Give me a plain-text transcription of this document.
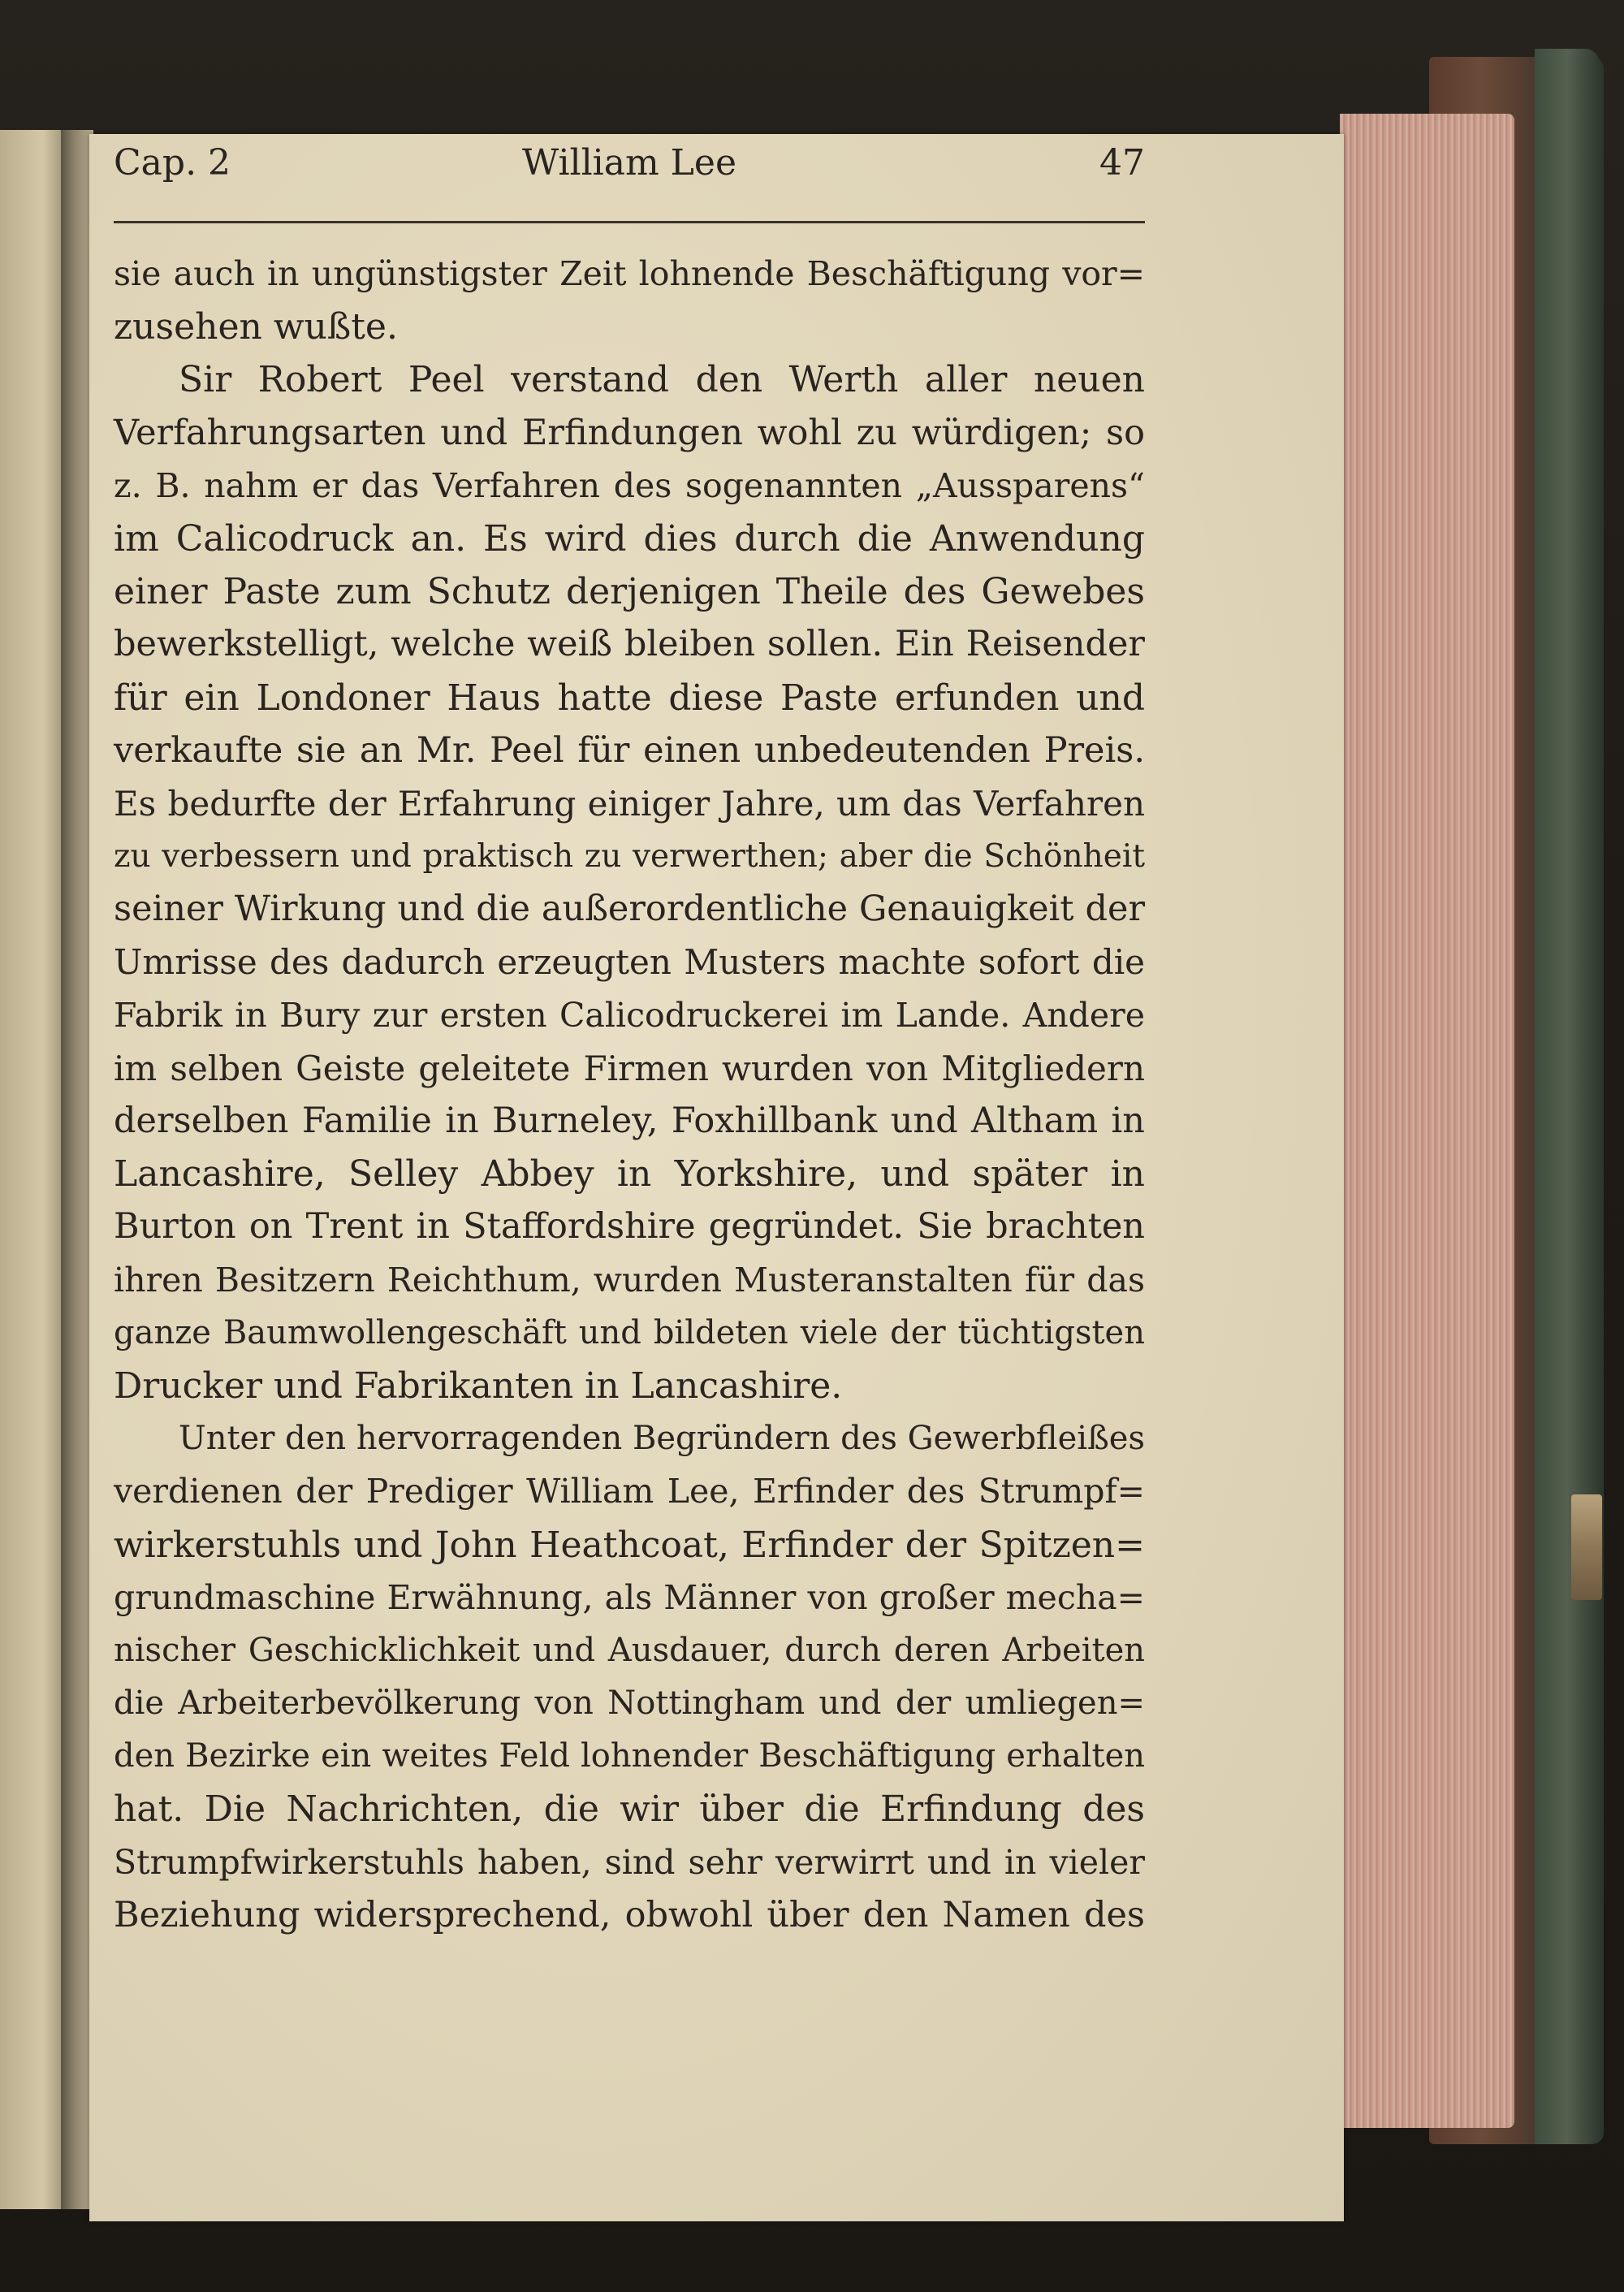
Cap. 2	William Lee	47
sie auch in ungünstigster Zeit lohnende Beschäftigung vor=
zusehen wußte.
Sir Robert Peel verstand den Werth aller neuen
Verfahrungsarten und Erfindungen wohl zu würdigen; so
z. B. nahm er das Verfahren des sogenannten „Aussparens“
im Calicodruck an. Es wird dies durch die Anwendung
einer Paste zum Schutz derjenigen Theile des Gewebes
bewerkstelligt, welche weiß bleiben sollen. Ein Reisender
für ein Londoner Haus hatte diese Paste erfunden und
verkaufte sie an Mr. Peel für einen unbedeutenden Preis.
Es bedurfte der Erfahrung einiger Jahre, um das Verfahren
zu verbessern und praktisch zu verwerthen; aber die Schönheit
seiner Wirkung und die außerordentliche Genauigkeit der
Umrisse des dadurch erzeugten Musters machte sofort die
Fabrik in Bury zur ersten Calicodruckerei im Lande. Andere
im selben Geiste geleitete Firmen wurden von Mitgliedern
derselben Familie in Burneley, Foxhillbank und Altham in
Lancashire, Selley Abbey in Yorkshire, und später in
Burton on Trent in Staffordshire gegründet. Sie brachten
ihren Besitzern Reichthum, wurden Musteranstalten für das
ganze Baumwollengeschäft und bildeten viele der tüchtigsten
Drucker und Fabrikanten in Lancashire.
Unter den hervorragenden Begründern des Gewerbfleißes
verdienen der Prediger William Lee, Erfinder des Strumpf=
wirkerstuhls und John Heathcoat, Erfinder der Spitzen=
grundmaschine Erwähnung, als Männer von großer mecha=
nischer Geschicklichkeit und Ausdauer, durch deren Arbeiten
die Arbeiterbevölkerung von Nottingham und der umliegen=
den Bezirke ein weites Feld lohnender Beschäftigung erhalten
hat. Die Nachrichten, die wir über die Erfindung des
Strumpfwirkerstuhls haben, sind sehr verwirrt und in vieler
Beziehung widersprechend, obwohl über den Namen des
